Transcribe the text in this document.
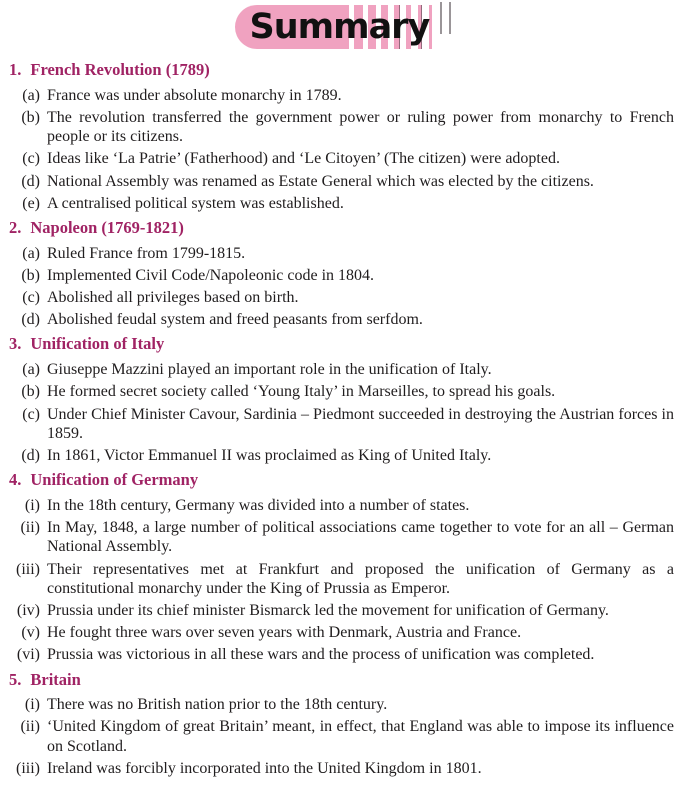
Summary
1. French Revolution (1789)
(a) France was under absolute monarchy in 1789.
(b) The revolution transferred the government power or ruling power from monarchy to French people or its citizens.
(c) Ideas like ‘La Patrie’ (Fatherhood) and ‘Le Citoyen’ (The citizen) were adopted.
(d) National Assembly was renamed as Estate General which was elected by the citizens.
(e) A centralised political system was established.
2. Napoleon (1769-1821)
(a) Ruled France from 1799-1815.
(b) Implemented Civil Code/Napoleonic code in 1804.
(c) Abolished all privileges based on birth.
(d) Abolished feudal system and freed peasants from serfdom.
3. Unification of Italy
(a) Giuseppe Mazzini played an important role in the unification of Italy.
(b) He formed secret society called ‘Young Italy’ in Marseilles, to spread his goals.
(c) Under Chief Minister Cavour, Sardinia – Piedmont succeeded in destroying the Austrian forces in 1859.
(d) In 1861, Victor Emmanuel II was proclaimed as King of United Italy.
4. Unification of Germany
(i) In the 18th century, Germany was divided into a number of states.
(ii) In May, 1848, a large number of political associations came together to vote for an all – German National Assembly.
(iii) Their representatives met at Frankfurt and proposed the unification of Germany as a constitutional monarchy under the King of Prussia as Emperor.
(iv) Prussia under its chief minister Bismarck led the movement for unification of Germany.
(v) He fought three wars over seven years with Denmark, Austria and France.
(vi) Prussia was victorious in all these wars and the process of unification was completed.
5. Britain
(i) There was no British nation prior to the 18th century.
(ii) ‘United Kingdom of great Britain’ meant, in effect, that England was able to impose its influence on Scotland.
(iii) Ireland was forcibly incorporated into the United Kingdom in 1801.
